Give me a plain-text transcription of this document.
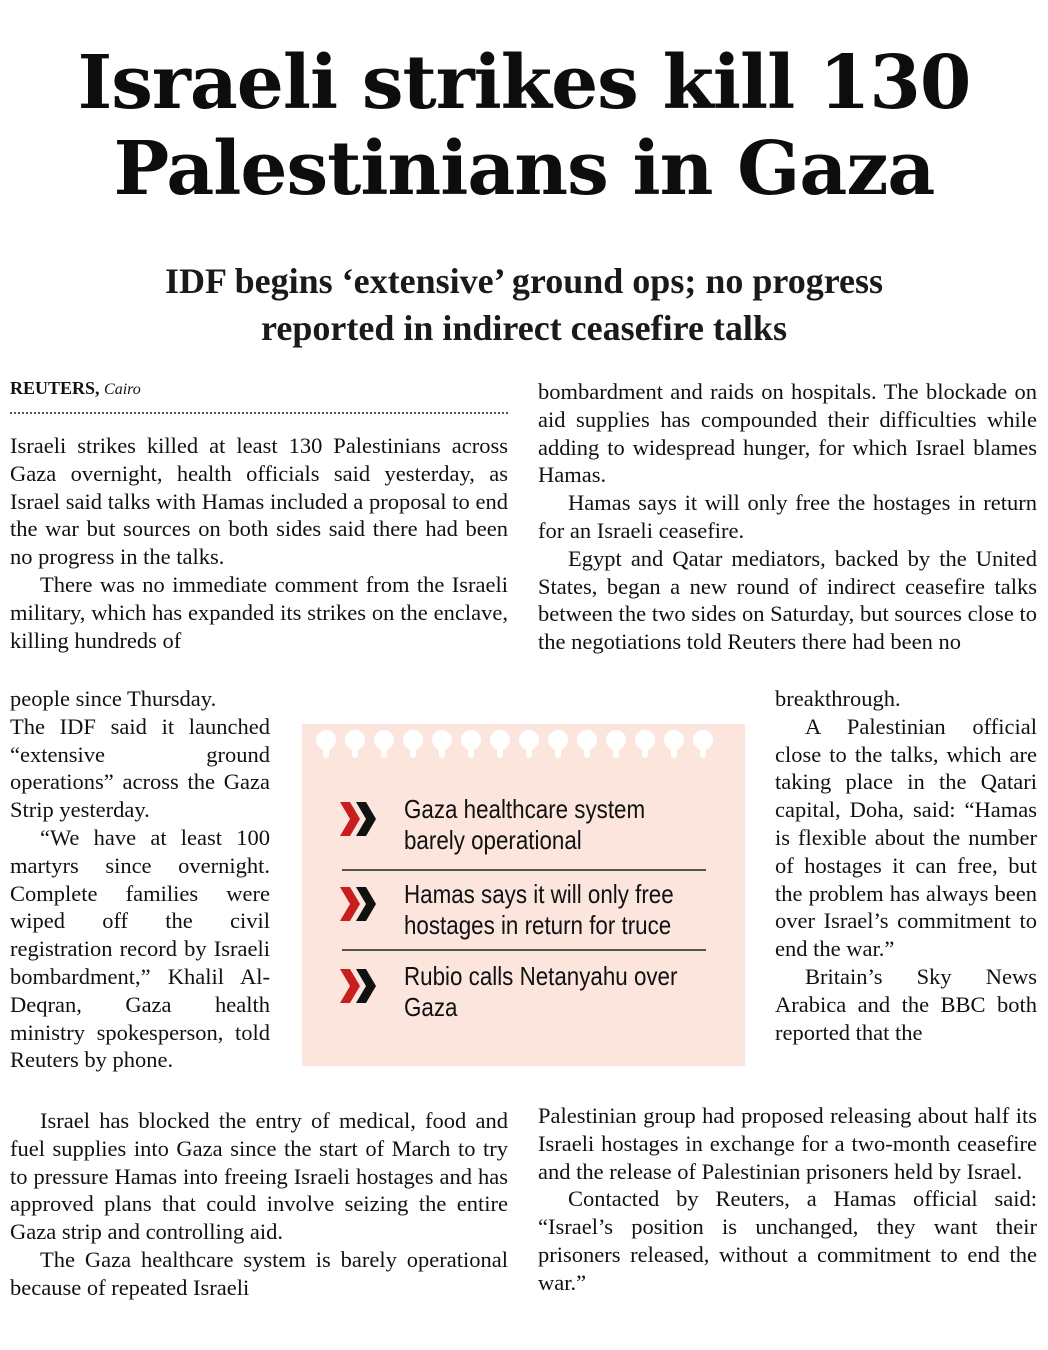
Israeli strikes kill 130
Palestinians in Gaza
IDF begins ‘extensive’ ground ops; no progress
reported in indirect ceasefire talks
REUTERS, Cairo

Israeli strikes killed at least 130 Palestinians across Gaza overnight, health officials said yesterday, as Israel said talks with Hamas included a proposal to end the war but sources on both sides said there had been no progress in the talks.

There was no immediate comment from the Israeli military, which has expanded its strikes on the enclave, killing hundreds of

people since Thursday.

The IDF said it launched “extensive ground operations” across the Gaza Strip yesterday.

“We have at least 100 martyrs since overnight. Complete families were wiped off the civil registration record by Israeli bombardment,” Khalil Al-Deqran, Gaza health ministry spokesperson, told Reuters by phone.

Israel has blocked the entry of medical, food and fuel supplies into Gaza since the start of March to try to pressure Hamas into freeing Israeli hostages and has approved plans that could involve seizing the entire Gaza strip and controlling aid.

The Gaza healthcare system is barely operational because of repeated Israeli

bombardment and raids on hospitals. The blockade on aid supplies has compounded their difficulties while adding to widespread hunger, for which Israel blames Hamas.

Hamas says it will only free the hostages in return for an Israeli ceasefire.

Egypt and Qatar mediators, backed by the United States, began a new round of indirect ceasefire talks between the two sides on Saturday, but sources close to the negotiations told Reuters there had been no

breakthrough.

A Palestinian official close to the talks, which are taking place in the Qatari capital, Doha, said: “Hamas is flexible about the number of hostages it can free, but the problem has always been over Israel’s commitment to end the war.”

Britain’s Sky News Arabica and the BBC both reported that the

Palestinian group had proposed releasing about half its Israeli hostages in exchange for a two-month ceasefire and the release of Palestinian prisoners held by Israel.

Contacted by Reuters, a Hamas official said: “Israel’s position is unchanged, they want their prisoners released, without a commitment to end the war.”

Gaza healthcare system
barely operational
Hamas says it will only free
hostages in return for truce
Rubio calls Netanyahu over
Gaza
